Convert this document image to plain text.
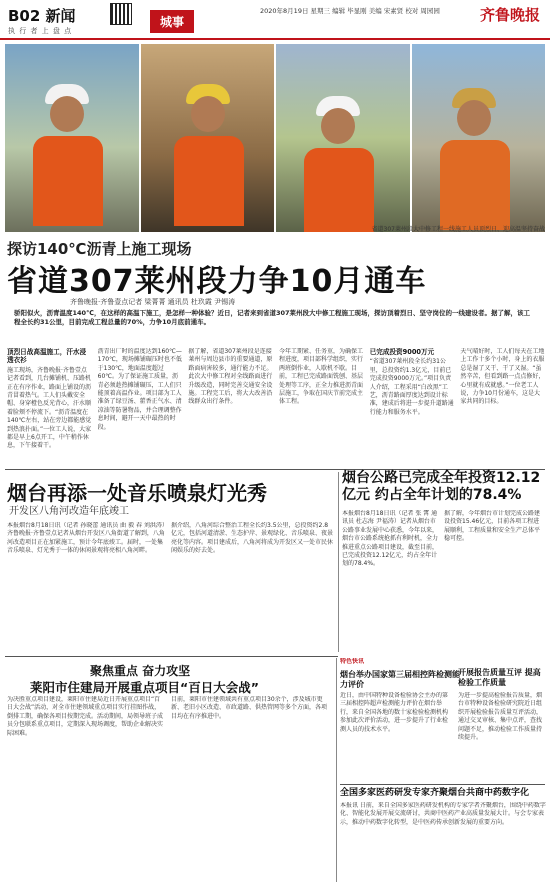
B02 新闻
执 行 者 上 盘 点
城事
2020年8月19日 星期三 编辑 毕显刚 美编 宋素贤 校对 周园园	齐鲁晚报
省道307莱州段大中修工程一线施工人员顶烈日、迎高温坚持奋战
探访140℃沥青上施工现场
省道307莱州段力争10月通车
齐鲁晚报·齐鲁壹点记者 梁菁菁 通讯员 杜玖霞 尹锡涛
骄阳似火，沥青温度140℃，在这样的高温下施工，是怎样一种体验？近日，记者来到省道307莱州段大中修工程施工现场，探访顶着烈日、坚守岗位的一线建设者。据了解，该工程全长约31公里，目前完成工程总量的70%，力争10月底前通车。
顶烈日战高温施工，汗水浸透衣衫
施工现场，齐鲁晚报·齐鲁壹点记者看到，几台摊铺机、压路机正在有序作业，路面上铺设的沥青冒着热气。工人们头戴安全帽、身穿橙色反光背心，汗水顺着脸颊不停流下。“沥青温度在140℃左右，站在旁边都能感觉到热浪扑面。”一位工人说，大家都是早上6点开工，中午稍作休息，下午接着干。
沥青出厂时的温度达到160℃—170℃，现场摊铺碾压时也不低于130℃，地面温度超过60℃。为了保证施工质量，沥青必须趁热摊铺碾压，工人们只能顶着高温作业。项目部为工人准备了绿豆汤、藿香正气水、清凉油等防暑物品，并合理调整作息时间，避开一天中最热的时段。
据了解，省道307莱州段是连接莱州与周边县市的重要通道，原路面病害较多，通行能力不足。此次大中修工程对全线路面进行升级改造，同时完善交通安全设施。工程完工后，将大大改善沿线群众出行条件。
今年工期紧、任务重，为确保工程进度，项目部科学组织，实行两班倒作业，人歇机不歇。目前，工程已完成路面铣刨、基层处理等工序，正全力推进沥青面层施工，争取在国庆节前完成主体工程。
已完成投资9000万元
“省道307莱州段全长约31公里，总投资约1.3亿元，目前已完成投资9000万元。”项目负责人介绍，工程采用“白改黑”工艺，沥青路面厚度达到设计标准，建成后将进一步提升道路通行能力和服务水平。
天气晴好时，工人们每天在工地上工作十多个小时，身上的衣服总是湿了又干、干了又湿。“虽然辛苦，但看到路一点点修好，心里就有成就感。”一位老工人说，力争10月份通车，这是大家共同的目标。
烟台再添一处音乐喷泉灯光秀
开发区八角河改造年底竣工
本报烟台8月18日讯（记者 孙晓蕾 通讯员 曲 毅 春 刘洪涛）齐鲁晚报·齐鲁壹点记者从烟台开发区八角街道了解到，八角河改造项目正在加紧施工，预计今年底竣工。届时，一处集音乐喷泉、灯光秀于一体的休闲景观将亮相八角河畔。
据介绍，八角河综合整治工程全长约3.5公里，总投资约2.8亿元，包括河道清淤、生态护岸、景观绿化、音乐喷泉、夜景亮化等内容。项目建成后，八角河将成为开发区又一处市民休闲娱乐的好去处。
烟台公路已完成全年投资12.12亿元 约占全年计划的78.4%
本报烟台8月18日讯（记者 张 霄 通讯员 杜志海 尹福涛）记者从烟台市公路事业发展中心获悉，今年以来，烟台市公路系统抢抓有利时机，全力推进重点公路项目建设，截至目前，已完成投资12.12亿元，约占全年计划的78.4%。
据了解，今年烟台市计划完成公路建设投资15.46亿元，目前各项工程进展顺利，工程质量和安全生产总体平稳可控。
聚焦重点 奋力攻坚
莱阳市住建局开展重点项目“百日大会战”
为决胜重点项目建设，莱阳市住建局近日开展重点项目“百日大会战”活动，对全市住建领域重点项目实行挂图作战，倒排工期，确保各项目按期完成。活动期间，局领导班子成员分包联系重点项目，定期深入现场调度，帮助企业解决实际困难。
目前，莱阳市住建领域共有重点项目30余个，涉及城市更新、老旧小区改造、市政道路、供热管网等多个方面，各项目均在有序推进中。
特色快讯
烟台举办国家第三届相控阵检测能力评价
近日，由中国特种设备检验协会主办的第三届相控阵超声检测能力评价在烟台举行，来自全国各地的数十家检验检测机构参加此次评价活动，进一步提升了行业检测人员的技术水平。
开展报告质量互评 提高检验工作质量
为进一步提高检验报告质量，烟台市特种设备检验研究院近日组织开展检验报告质量互评活动，通过交叉审核、集中点评，查找问题不足，推动检验工作质量持续提升。
全国多家医药研发专家齐聚烟台共商中药数字化
本报讯 日前，来自全国多家医药研发机构的专家学者齐聚烟台，围绕中药数字化、智能化发展开展交流研讨，共商中医药产业高质量发展大计。与会专家表示，推动中药数字化转型，是中医药传承创新发展的重要方向。
